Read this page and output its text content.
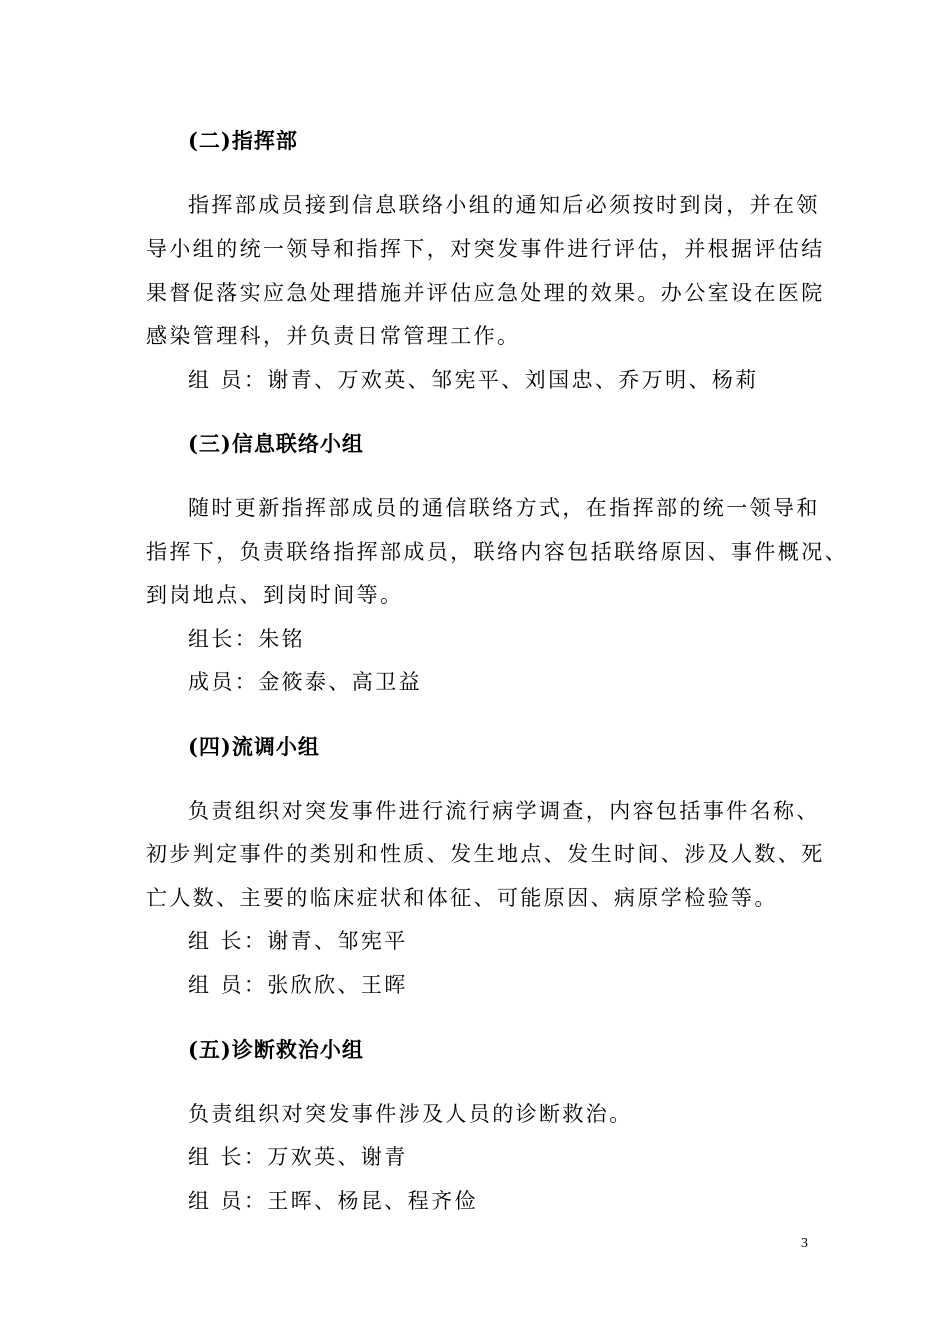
(二)指挥部
指挥部成员接到信息联络小组的通知后必须按时到岗，并在领
导小组的统一领导和指挥下，对突发事件进行评估，并根据评估结
果督促落实应急处理措施并评估应急处理的效果。办公室设在医院
感染管理科，并负责日常管理工作。
组 员：谢青、万欢英、邹宪平、刘国忠、乔万明、杨莉
(三)信息联络小组
随时更新指挥部成员的通信联络方式，在指挥部的统一领导和
指挥下，负责联络指挥部成员，联络内容包括联络原因、事件概况、
到岗地点、到岗时间等。
组长：朱铭
成员：金筱泰、高卫益
(四)流调小组
负责组织对突发事件进行流行病学调查，内容包括事件名称、
初步判定事件的类别和性质、发生地点、发生时间、涉及人数、死
亡人数、主要的临床症状和体征、可能原因、病原学检验等。
组 长：谢青、邹宪平
组 员：张欣欣、王晖
(五)诊断救治小组
负责组织对突发事件涉及人员的诊断救治。
组 长：万欢英、谢青
组 员：王晖、杨昆、程齐俭
3
